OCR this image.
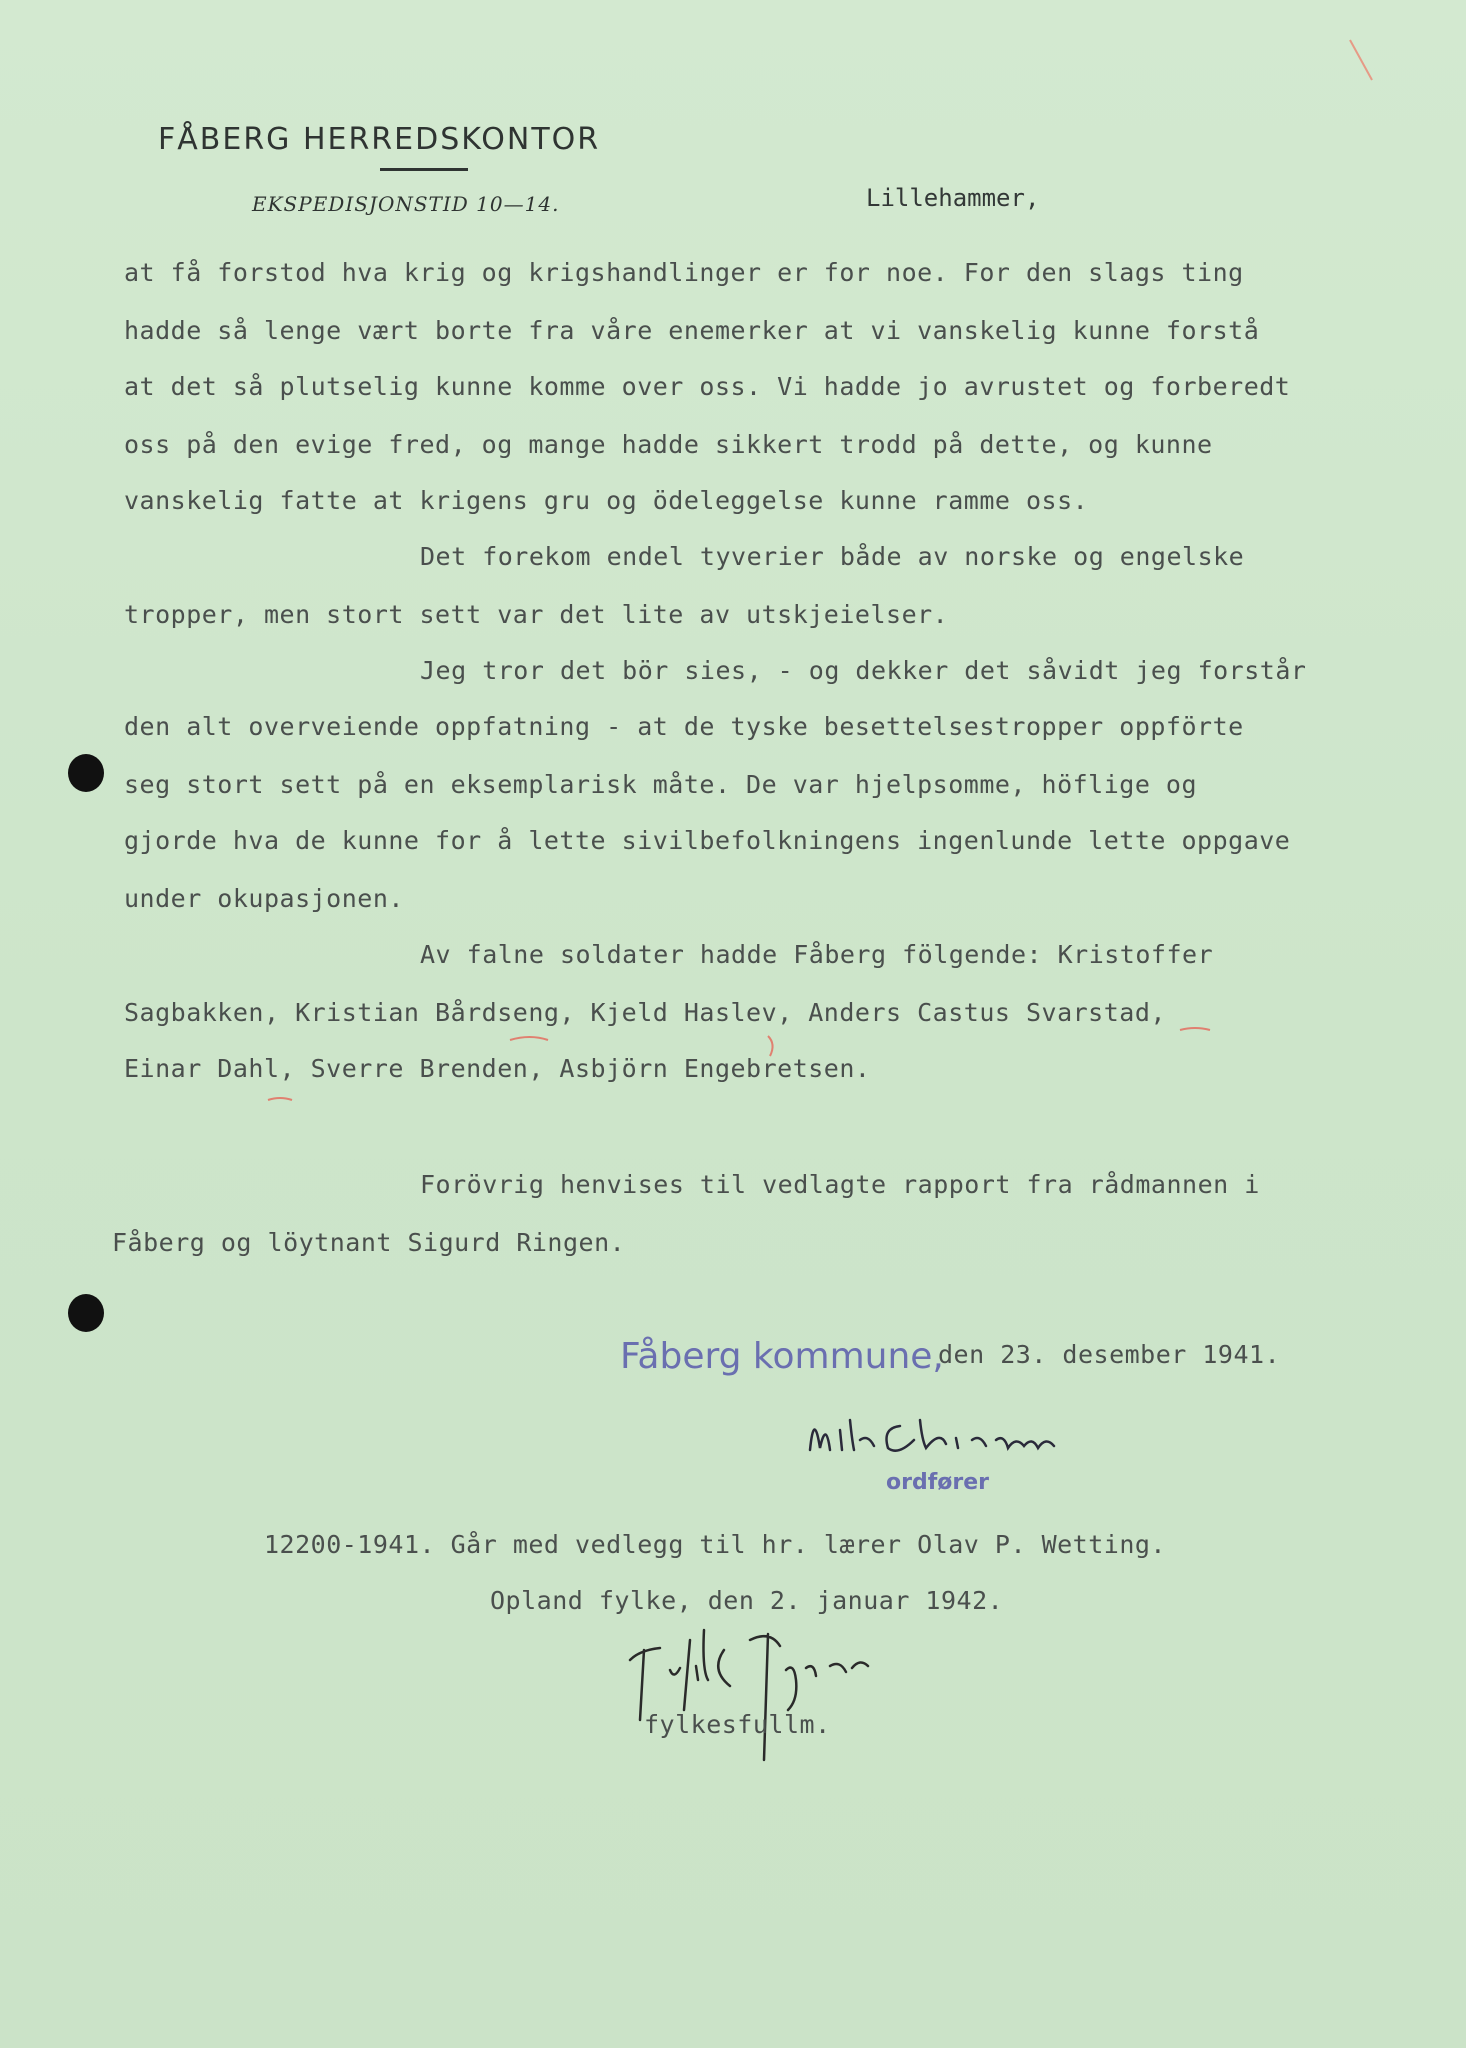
FÅBERG HERREDSKONTOR
EKSPEDISJONSTID 10—14.	Lillehammer,
at få forstod hva krig og krigshandlinger er for noe. For den slags ting
hadde så lenge vært borte fra våre enemerker at vi vanskelig kunne forstå
at det så plutselig kunne komme over oss. Vi hadde jo avrustet og forberedt
oss på den evige fred, og mange hadde sikkert trodd på dette, og kunne
vanskelig fatte at krigens gru og ödeleggelse kunne ramme oss.
Det forekom endel tyverier både av norske og engelske
tropper, men stort sett var det lite av utskjeielser.
Jeg tror det bör sies, - og dekker det såvidt jeg forstår
den alt overveiende oppfatning - at de tyske besettelsestropper oppförte
seg stort sett på en eksemplarisk måte. De var hjelpsomme, höflige og
gjorde hva de kunne for å lette sivilbefolkningens ingenlunde lette oppgave
under okupasjonen.
Av falne soldater hadde Fåberg fölgende: Kristoffer
Sagbakken, Kristian Bårdseng, Kjeld Haslev, Anders Castus Svarstad,
Einar Dahl, Sverre Brenden, Asbjörn Engebretsen.
Forövrig henvises til vedlagte rapport fra rådmannen i
Fåberg og löytnant Sigurd Ringen.
Fåberg kommune,
den 23. desember 1941.
ordfører
12200-1941. Går med vedlegg til hr. lærer Olav P. Wetting.
Opland fylke, den 2. januar 1942.
fylkesfullm.
